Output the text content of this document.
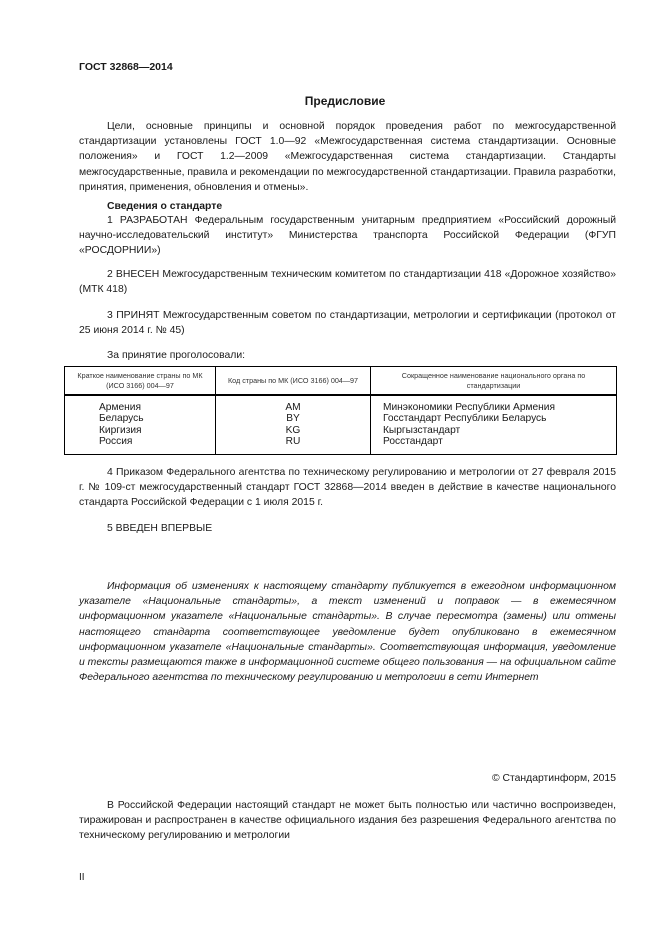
ГОСТ 32868—2014
Предисловие
Цели, основные принципы и основной порядок проведения работ по межгосударственной стандартизации установлены ГОСТ 1.0—92 «Межгосударственная система стандартизации. Основные положения» и ГОСТ 1.2—2009 «Межгосударственная система стандартизации. Стандарты межгосударственные, правила и рекомендации по межгосударственной стандартизации. Правила разработки, принятия, применения, обновления и отмены».
Сведения о стандарте
1 РАЗРАБОТАН Федеральным государственным унитарным предприятием «Российский дорожный научно-исследовательский институт» Министерства транспорта Российской Федерации (ФГУП «РОСДОРНИИ»)
2 ВНЕСЕН Межгосударственным техническим комитетом по стандартизации 418 «Дорожное хозяйство» (МТК 418)
3 ПРИНЯТ Межгосударственным советом по стандартизации, метрологии и сертификации (протокол от 25 июня 2014 г. № 45)
За принятие проголосовали:
Краткое наименование страны по МК (ИСО 3166) 004—97	Код страны по МК (ИСО 3166) 004—97	Сокращенное наименование национального органа по стандартизации
Армения	AM	Минэкономики Республики Армения
Беларусь	BY	Госстандарт Республики Беларусь
Киргизия	KG	Кыргызстандарт
Россия	RU	Росстандарт
4 Приказом Федерального агентства по техническому регулированию и метрологии от 27 февраля 2015 г. № 109-ст межгосударственный стандарт ГОСТ 32868—2014 введен в действие в качестве национального стандарта Российской Федерации с 1 июля 2015 г.
5 ВВЕДЕН ВПЕРВЫЕ
Информация об изменениях к настоящему стандарту публикуется в ежегодном информационном указателе «Национальные стандарты», а текст изменений и поправок — в ежемесячном информационном указателе «Национальные стандарты». В случае пересмотра (замены) или отмены настоящего стандарта соответствующее уведомление будет опубликовано в ежемесячном информационном указателе «Национальные стандарты». Соответствующая информация, уведомление и тексты размещаются также в информационной системе общего пользования — на официальном сайте Федерального агентства по техническому регулированию и метрологии в сети Интернет
© Стандартинформ, 2015
В Российской Федерации настоящий стандарт не может быть полностью или частично воспроизведен, тиражирован и распространен в качестве официального издания без разрешения Федерального агентства по техническому регулированию и метрологии
II
